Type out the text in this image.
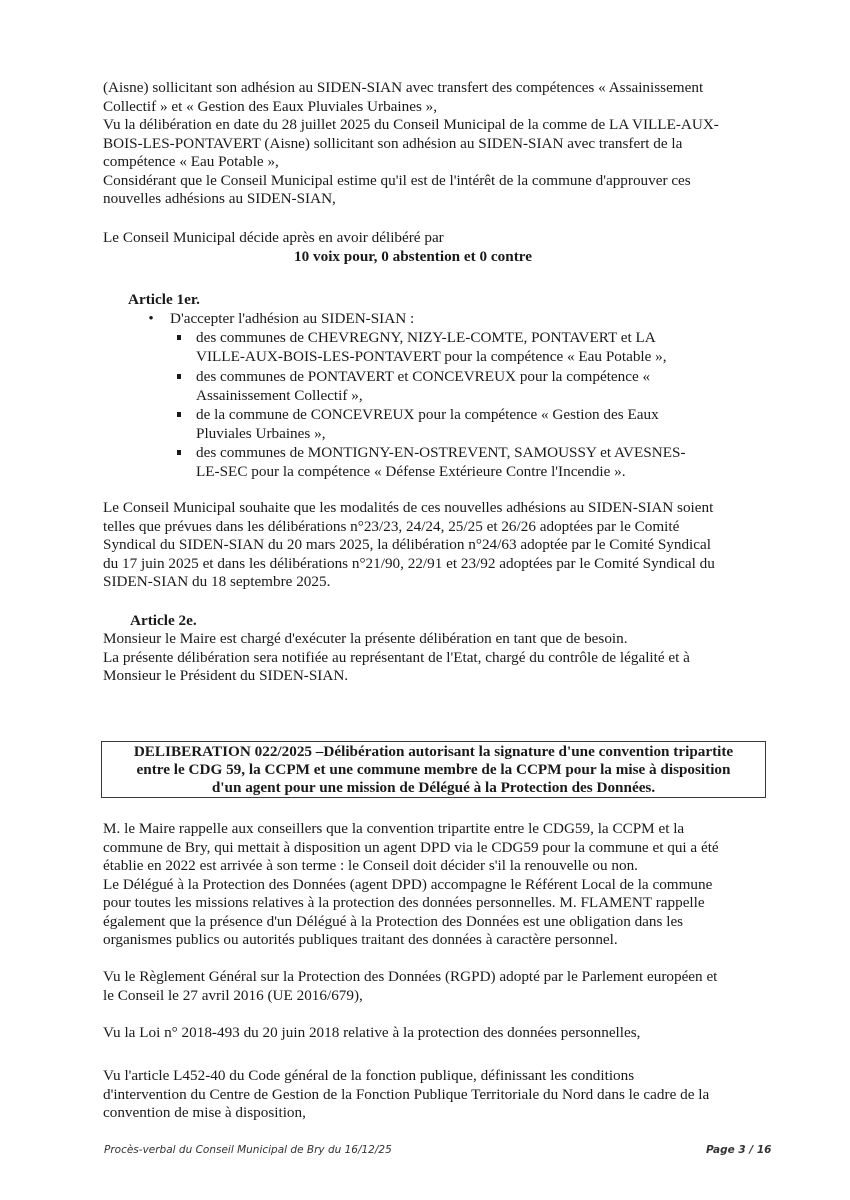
(Aisne) sollicitant son adhésion au SIDEN-SIAN avec transfert des compétences « Assainissement
Collectif » et « Gestion des Eaux Pluviales Urbaines »,
Vu la délibération en date du 28 juillet 2025 du Conseil Municipal de la comme de LA VILLE-AUX-
BOIS-LES-PONTAVERT (Aisne) sollicitant son adhésion au SIDEN-SIAN avec transfert de la
compétence « Eau Potable »,
Considérant que le Conseil Municipal estime qu'il est de l'intérêt de la commune d'approuver ces
nouvelles adhésions au SIDEN-SIAN,
Le Conseil Municipal décide après en avoir délibéré par
10 voix pour, 0 abstention et 0 contre
Article 1er.
• D'accepter l'adhésion au SIDEN-SIAN :
des communes de CHEVREGNY, NIZY-LE-COMTE, PONTAVERT et LA
VILLE-AUX-BOIS-LES-PONTAVERT pour la compétence « Eau Potable »,
des communes de PONTAVERT et CONCEVREUX pour la compétence «
Assainissement Collectif »,
de la commune de CONCEVREUX pour la compétence « Gestion des Eaux
Pluviales Urbaines »,
des communes de MONTIGNY-EN-OSTREVENT, SAMOUSSY et AVESNES-
LE-SEC pour la compétence « Défense Extérieure Contre l'Incendie ».
Le Conseil Municipal souhaite que les modalités de ces nouvelles adhésions au SIDEN-SIAN soient
telles que prévues dans les délibérations n°23/23, 24/24, 25/25 et 26/26 adoptées par le Comité
Syndical du SIDEN-SIAN du 20 mars 2025, la délibération n°24/63 adoptée par le Comité Syndical
du 17 juin 2025 et dans les délibérations n°21/90, 22/91 et 23/92 adoptées par le Comité Syndical du
SIDEN-SIAN du 18 septembre 2025.
Article 2e.
Monsieur le Maire est chargé d'exécuter la présente délibération en tant que de besoin.
La présente délibération sera notifiée au représentant de l'Etat, chargé du contrôle de légalité et à
Monsieur le Président du SIDEN-SIAN.
DELIBERATION 022/2025 –Délibération autorisant la signature d'une convention tripartite
entre le CDG 59, la CCPM et une commune membre de la CCPM pour la mise à disposition
d'un agent pour une mission de Délégué à la Protection des Données.
M. le Maire rappelle aux conseillers que la convention tripartite entre le CDG59, la CCPM et la
commune de Bry, qui mettait à disposition un agent DPD via le CDG59 pour la commune et qui a été
établie en 2022 est arrivée à son terme : le Conseil doit décider s'il la renouvelle ou non.
Le Délégué à la Protection des Données (agent DPD) accompagne le Référent Local de la commune
pour toutes les missions relatives à la protection des données personnelles. M. FLAMENT rappelle
également que la présence d'un Délégué à la Protection des Données est une obligation dans les
organismes publics ou autorités publiques traitant des données à caractère personnel.
Vu le Règlement Général sur la Protection des Données (RGPD) adopté par le Parlement européen et
le Conseil le 27 avril 2016 (UE 2016/679),
Vu la Loi n° 2018-493 du 20 juin 2018 relative à la protection des données personnelles,
Vu l'article L452-40 du Code général de la fonction publique, définissant les conditions
d'intervention du Centre de Gestion de la Fonction Publique Territoriale du Nord dans le cadre de la
convention de mise à disposition,
Procès-verbal du Conseil Municipal de Bry du 16/12/25	Page 3 / 16
